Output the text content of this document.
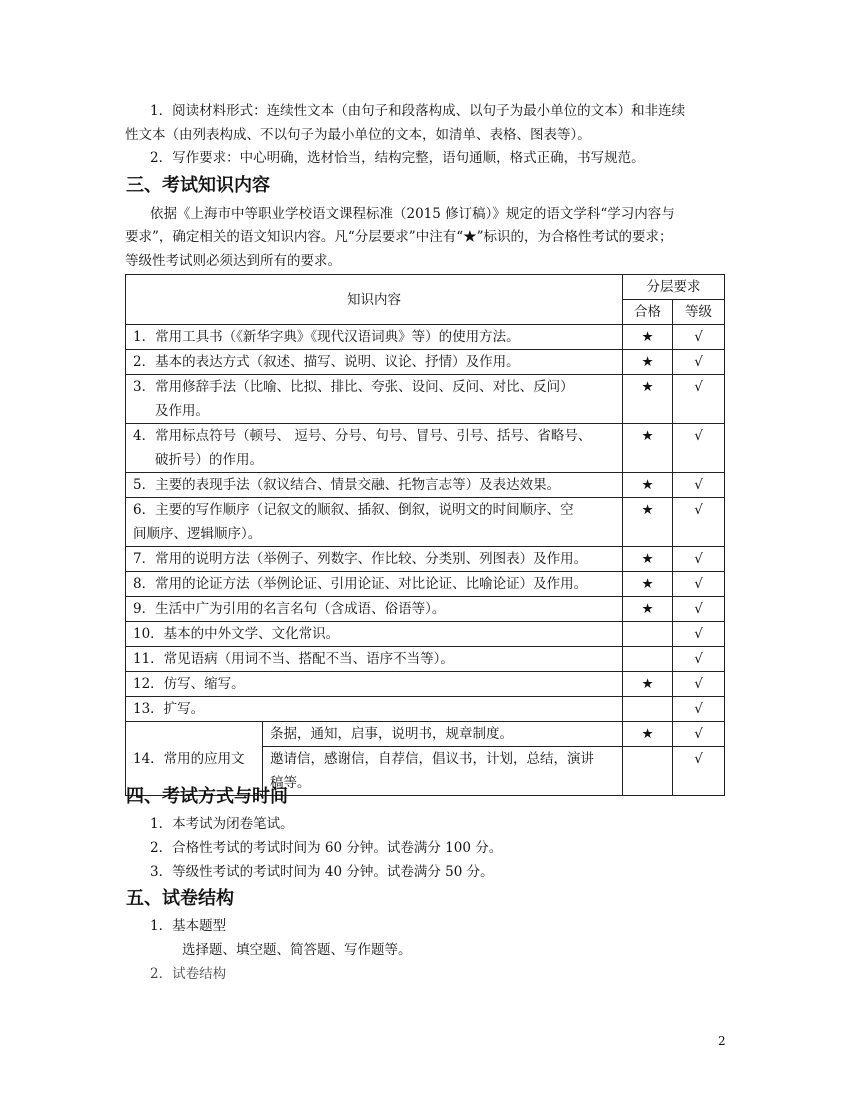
1．阅读材料形式：连续性文本（由句子和段落构成、以句子为最小单位的文本）和非连续
性文本（由列表构成、不以句子为最小单位的文本，如清单、表格、图表等）。
2．写作要求：中心明确，选材恰当，结构完整，语句通顺，格式正确，书写规范。
三、考试知识内容
依据《上海市中等职业学校语文课程标准（2015 修订稿）》规定的语文学科“学习内容与
要求”，确定相关的语文知识内容。凡“分层要求”中注有“★”标识的，为合格性考试的要求；
等级性考试则必须达到所有的要求。
知识内容		分层要求	
		合格	等级

1．常用工具书（《新华字典》《现代汉语词典》等）的使用方法。		★	√

2．基本的表达方式（叙述、描写、说明、议论、抒情）及作用。		★	√

3．常用修辞手法（比喻、比拟、排比、夸张、设问、反问、对比、反问）
及作用。		★	√

4．常用标点符号（顿号、 逗号、分号、句号、冒号、引号、括号、省略号、
破折号）的作用。		★	√

5．主要的表现手法（叙议结合、情景交融、托物言志等）及表达效果。		★	√

6．主要的写作顺序（记叙文的顺叙、插叙、倒叙，说明文的时间顺序、空
间顺序、逻辑顺序）。		★	√

7．常用的说明方法（举例子、列数字、作比较、分类别、列图表）及作用。		★	√

8．常用的论证方法（举例论证、引用论证、对比论证、比喻论证）及作用。		★	√

9．生活中广为引用的名言名句（含成语、俗语等）。		★	√

10．基本的中外文学、文化常识。			√

11．常见语病（用词不当、搭配不当、语序不当等）。			√

12．仿写、缩写。		★	√

13．扩写。			√
14．常用的应用文	条据，通知，启事，说明书，规章制度。	★	√

	邀请信，感谢信，自荐信，倡议书，计划，总结，演讲
稿等。		√
四、考试方式与时间
1．本考试为闭卷笔试。
2．合格性考试的考试时间为 60 分钟。试卷满分 100 分。
3．等级性考试的考试时间为 40 分钟。试卷满分 50 分。
五、试卷结构
1．基本题型
选择题、填空题、简答题、写作题等。
2．试卷结构
2
